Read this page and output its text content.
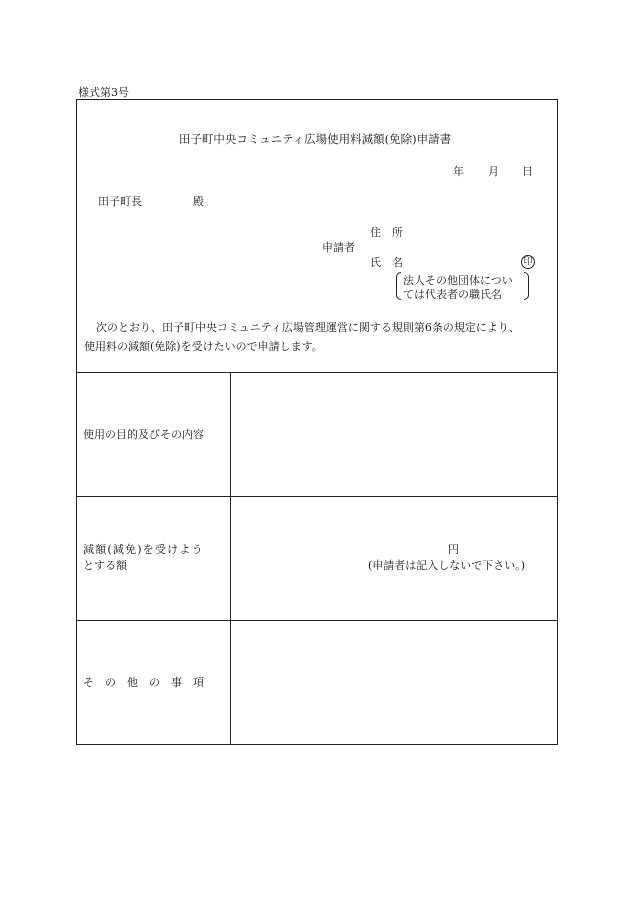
様式第3号
田子町中央コミュニティ広場使用料減額(免除)申請書
年 月 日
田子町長	殿
住　所
申請者
氏　名	印
法人その他団体につい
ては代表者の職氏名
次のとおり、田子町中央コミュニティ広場管理運営に関する規則第6条の規定により、
使用料の減額(免除)を受けたいので申請します。
使用の目的及びその内容
減額(減免)を受けよう
とする額
円
(申請者は記入しないで下さい。)
そ　の　他　の　事　項
